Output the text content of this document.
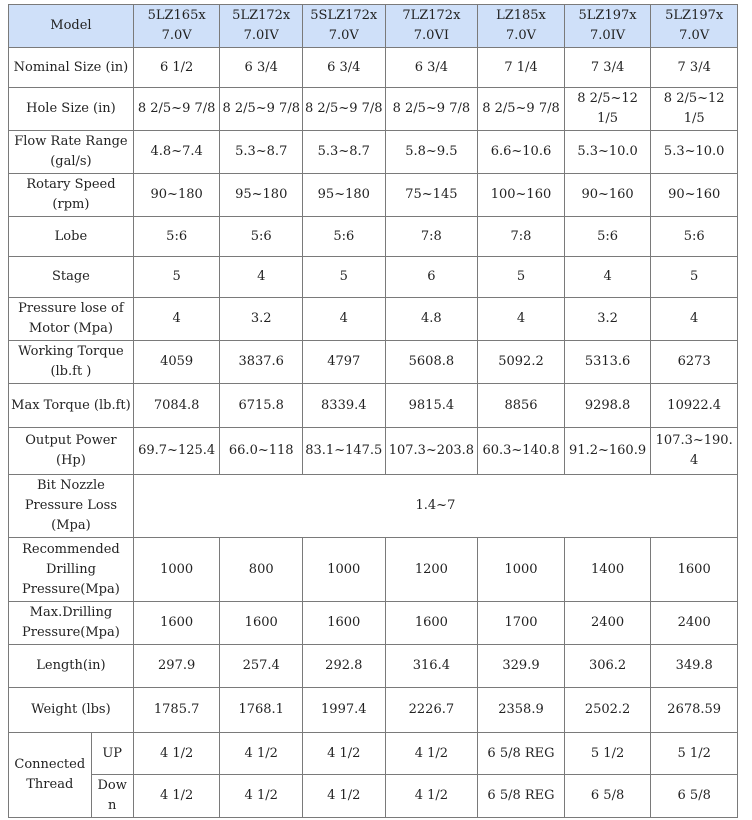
Model		5LZ165x 7.0V	5LZ172x 7.0IV	5SLZ172x 7.0V	7LZ172x 7.0VI	LZ185x 7.0V	5LZ197x 7.0IV	5LZ197x 7.0V
Nominal Size (in)		6 1/2	6 3/4	6 3/4	6 3/4	7 1/4	7 3/4	7 3/4
Hole Size (in)		8 2/5~9 7/8	8 2/5~9 7/8	8 2/5~9 7/8	8 2/5~9 7/8	8 2/5~9 7/8	8 2/5~12 1/5	8 2/5~12 1/5
Flow Rate Range (gal/s)		4.8~7.4	5.3~8.7	5.3~8.7	5.8~9.5	6.6~10.6	5.3~10.0	5.3~10.0
Rotary Speed (rpm)		90~180	95~180	95~180	75~145	100~160	90~160	90~160
Lobe		5:6	5:6	5:6	7:8	7:8	5:6	5:6
Stage		5	4	5	6	5	4	5
Pressure lose of Motor (Mpa)		4	3.2	4	4.8	4	3.2	4
Working Torque (lb.ft )		4059	3837.6	4797	5608.8	5092.2	5313.6	6273
Max Torque (lb.ft)		7084.8	6715.8	8339.4	9815.4	8856	9298.8	10922.4
Output Power (Hp)		69.7~125.4	66.0~118	83.1~147.5	107.3~203.8	60.3~140.8	91.2~160.9	107.3~190.4
Bit Nozzle Pressure Loss (Mpa)		1.4~7						
Recommended Drilling Pressure(Mpa)		1000	800	1000	1200	1000	1400	1600
Max.Drilling Pressure(Mpa)		1600	1600	1600	1600	1700	2400	2400
Length(in)		297.9	257.4	292.8	316.4	329.9	306.2	349.8
Weight (lbs)		1785.7	1768.1	1997.4	2226.7	2358.9	2502.2	2678.59
Connected Thread	UP	4 1/2	4 1/2	4 1/2	4 1/2	6 5/8 REG	5 1/2	5 1/2
	Down	4 1/2	4 1/2	4 1/2	4 1/2	6 5/8 REG	6 5/8	6 5/8
